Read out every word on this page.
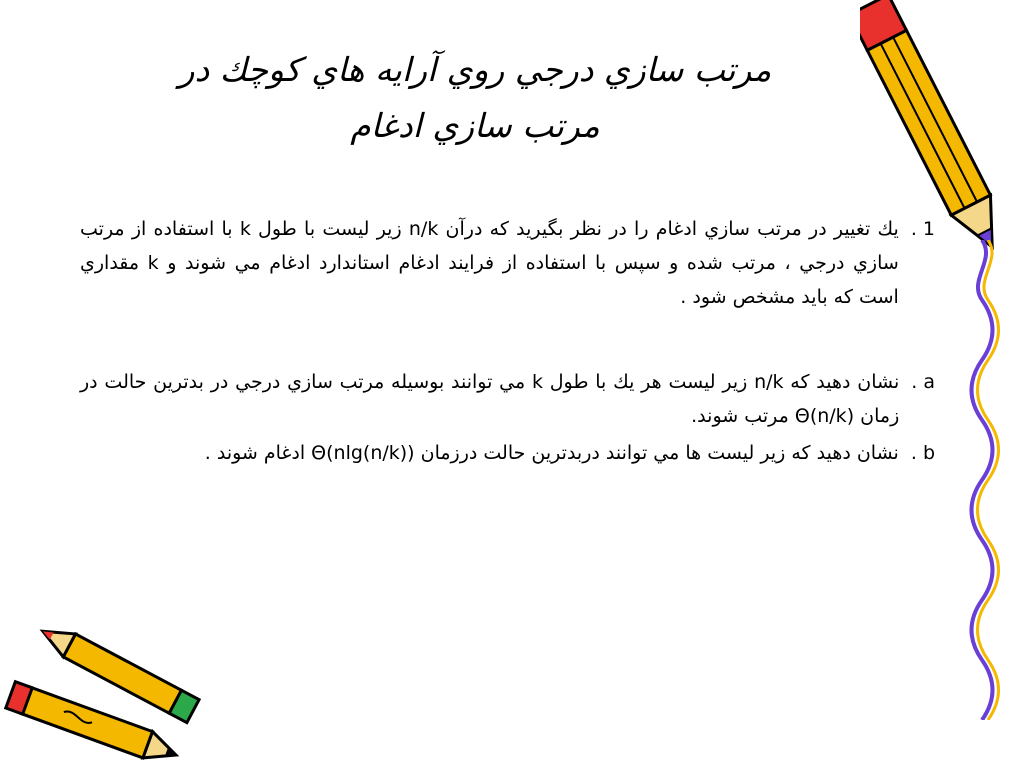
مرتب سازي درجي روي آرايه هاي كوچك در
مرتب سازي ادغام
1 .
يك تغيير در مرتب سازي ادغام را در نظر بگيريد كه درآن n/k زير ليست با طول k با استفاده از مرتب سازي درجي ، مرتب شده و سپس با استفاده از فرايند ادغام استاندارد ادغام مي شوند و k مقداري است كه بايد مشخص شود .
a .
نشان دهيد كه n/k زير ليست هر يك با طول k مي توانند بوسيله مرتب سازي درجي در بدترين حالت در زمان Θ(n/k) مرتب شوند.
b .
نشان دهيد كه زير ليست ها مي توانند دربدترين حالت درزمان Θ(nlg(n/k)) ادغام شوند .
